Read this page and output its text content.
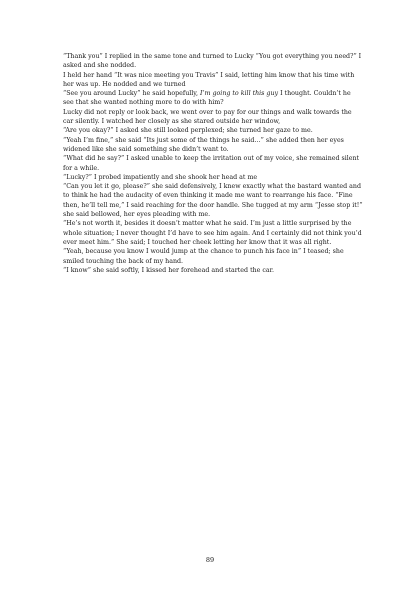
“Thank you” I replied in the same tone and turned to Lucky “You got everything you need?” I asked and she nodded.

I held her hand “It was nice meeting you Travis” I said, letting him know that his time with her was up. He nodded and we turned

“See you around Lucky” he said hopefully, I’m going to kill this guy I thought. Couldn’t he see that she wanted nothing more to do with him?

Lucky did not reply or look back, we went over to pay for our things and walk towards the car silently. I watched her closely as she stared outside her window,

“Are you okay?” I asked she still looked perplexed; she turned her gaze to me.

“Yeah I’m fine,” she said “Its just some of the things he said…” she added then her eyes widened like she said something she didn’t want to.

“What did he say?” I asked unable to keep the irritation out of my voice, she remained silent for a while.

“Lucky?” I probed impatiently and she shook her head at me

“Can you let it go, please?” she said defensively, I knew exactly what the bastard wanted and to think he had the audacity of even thinking it made me want to rearrange his face. “Fine then, he’ll tell me,” I said reaching for the door handle. She tugged at my arm “Jesse stop it!” she said bellowed, her eyes pleading with me.

“He’s not worth it, besides it doesn’t matter what he said. I’m just a little surprised by the whole situation; I never thought I’d have to see him again. And I certainly did not think you’d ever meet him.” She said; I touched her cheek letting her know that it was all right.

“Yeah, because you know I would jump at the chance to punch his face in” I teased; she smiled touching the back of my hand.

“I know” she said softly, I kissed her forehead and started the car.

89
